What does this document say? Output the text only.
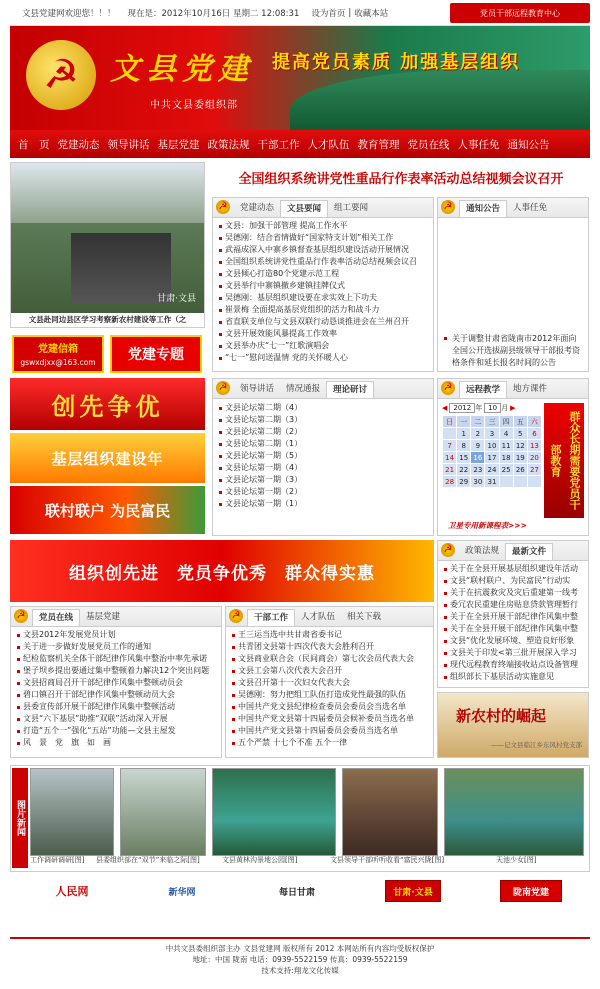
文县党建网欢迎您！！！ 现在是：2012年10月16日 星期二 12:08:31 设为首页 | 收藏本站	党员干部远程教育中心
☭	文县党建
中共文县委组织部
提高党员素质 加强基层组织
首　页 党建动态 领导讲话 基层党建 政策法规 干部工作 人才队伍 教育管理 党员在线 人事任免 通知公告
甘肃·文县
文县赴同边县区学习考察新农村建设等工作（之
党建信箱
gswxdjxx@163.com	党建专题
全国组织系统讲党性重品行作表率活动总结视频会议召开
☭	党建动态	文县要闻	组工要闻
文县：加强干部管理 提高工作水平
吴德刚：结合省情做好“国家特支计划”相关工作
武福成深入中寨乡镇督查基层组织建设活动开展情况
全国组织系统讲党性重品行作表率活动总结视频会议召
文县倾心打造80个党建示范工程
文县举行中寨镇撤乡建镇挂牌仪式
吴德刚：基层组织建设要在求实效上下功夫
崔景梅 全面提高基层党组织的活力和战斗力
省直联支单位与文县双联行动恳谈推进会在兰州召开
文县开展效能风暴提高工作效率
文县举办庆“七一”红歌演唱会
“七一”慰问送温情 党的关怀暖人心
☭	通知公告	人事任免
关于调整甘肃省陇南市2012年面向全国公开选拔副县级领导干部报考资格条件和延长报名时间的公告
创先争优
基层组织建设年
联村联户 为民富民
☭	领导讲话	情况通报	理论研讨
文县论坛第二期（4）
文县论坛第二期（3）
文县论坛第二期（2）
文县论坛第二期（1）
文县论坛第一期（5）
文县论坛第一期（4）
文县论坛第一期（3）
文县论坛第一期（2）
文县论坛第一期（1）
☭	远程教学	地方课件
◀ 2012 年 10 月 ▶
日	一	二	三	四	五	六
	1	2	3	4	5	6
7	8	9	10	11	12	13
14	15	16	17	18	19	20
21	22	23	24	25	26	27
28	29	30	31				群众长期需要党员干部教育
卫星专用新课程表>>>
组织创先进　党员争优秀　群众得实惠
☭	政策法规	最新文件
关于在全县开展基层组织建设年活动
文县“联村联户、为民富民”行动实
关于在抗震救灾及灾后重建第一线考
委冗农民重建住房贴息贷款管理暂行
关于在全县开展干部纪律作风集中整
关于在全县开展干部纪律作风集中整
文县“优化发展环境、塑造良好形象
文县关于印发<第三批开展深入学习
现代远程教育终端接收站点设备管理
组织部长下基层活动实施意见
新农村的崛起
——记文县临江乡东风村党支部
☭	党员在线	基层党建
文县2012年发展党员计划
关于进一步做好发展党员工作的通知
纪检监察机关全体干部纪律作风集中整治中率先承诺
堡子坝乡提出要通过集中整顿着力解决12个突出问题
文县招商局召开干部纪律作风集中整顿动员会
碧口镇召开干部纪律作风集中整顿动员大会
县委宣传部开展干部纪律作风集中整顿活动
文县“六下基层”助推“双联”活动深入开展
打造“五个一”强化“五站”功能—文县主屋发
风　景　党　旗　如　画
☭	干部工作	人才队伍	相关下载
王三运当选中共甘肃省委书记
共青团文县第十四次代表大会胜利召开
文县商业联合会（民间商会）第七次会员代表大会
文县工会第八次代表大会召开
文县召开第十一次妇女代表大会
吴德刚：努力把组工队伍打造成党性最强的队伍
中国共产党文县纪律检查委员会委员会当选名单
中国共产党文县第十四届委员会候补委员当选名单
中国共产党文县第十四届委员会委员当选名单
五个严禁 十七个不准 五个一律
图片新闻
工作调研调研[图] 县委组织部在“双节”来临之际[图]	文县黄林沟景地公园[图]	文县领导干部听听收看“富民兴陇[图]	天池少女[图]
人民网	新华网	每日甘肃	甘肃·文县	陇南党建
中共文县委组织部主办 文县党建网 版权所有 2012 本网站所有内容均受版权保护
地址：中国 陇南 电话：0939-5522159 传真：0939-5522159
技术支持:翔龙文化传媒
